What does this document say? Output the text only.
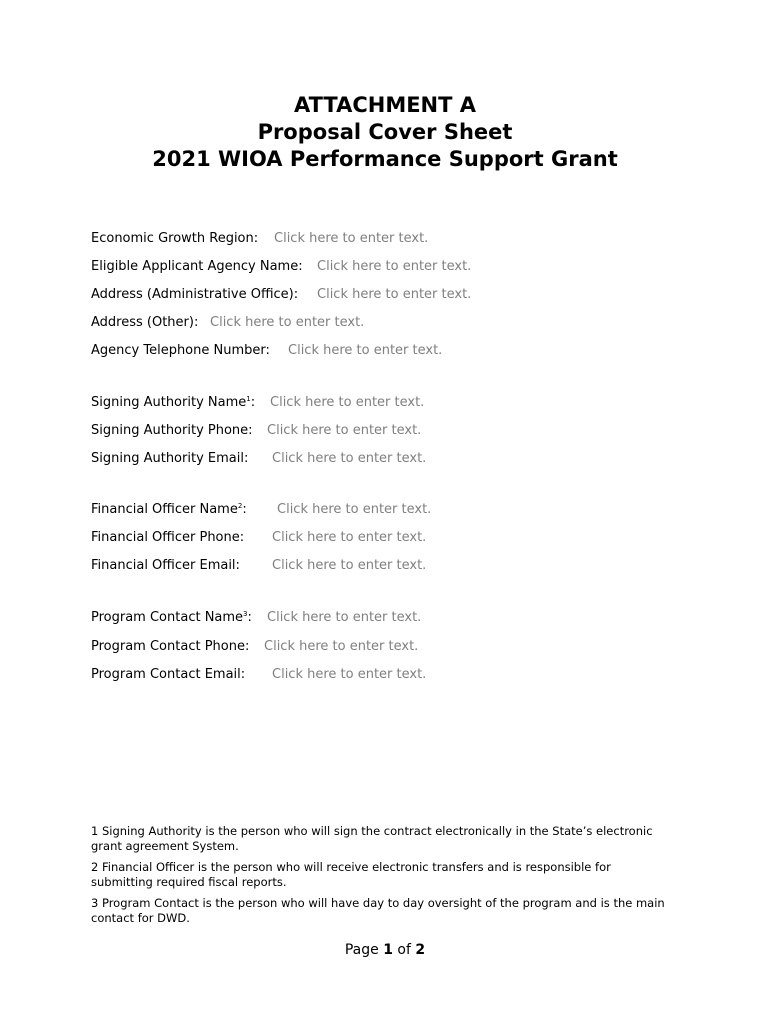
ATTACHMENT A
Proposal Cover Sheet
2021 WIOA Performance Support Grant
Economic Growth Region: Click here to enter text.
Eligible Applicant Agency Name: Click here to enter text.
Address (Administrative Office): Click here to enter text.
Address (Other): Click here to enter text.
Agency Telephone Number: Click here to enter text.
Signing Authority Name$^1$: Click here to enter text.
Signing Authority Phone: Click here to enter text.
Signing Authority Email: Click here to enter text.
Financial Officer Name$^2$: Click here to enter text.
Financial Officer Phone: Click here to enter text.
Financial Officer Email: Click here to enter text.
Program Contact Name$^3$: Click here to enter text.
Program Contact Phone: Click here to enter text.
Program Contact Email: Click here to enter text.
1 Signing Authority is the person who will sign the contract electronically in the State’s electronic grant agreement System.
2 Financial Officer is the person who will receive electronic transfers and is responsible for submitting required fiscal reports.
3 Program Contact is the person who will have day to day oversight of the program and is the main contact for DWD.
Page 1 of 2
